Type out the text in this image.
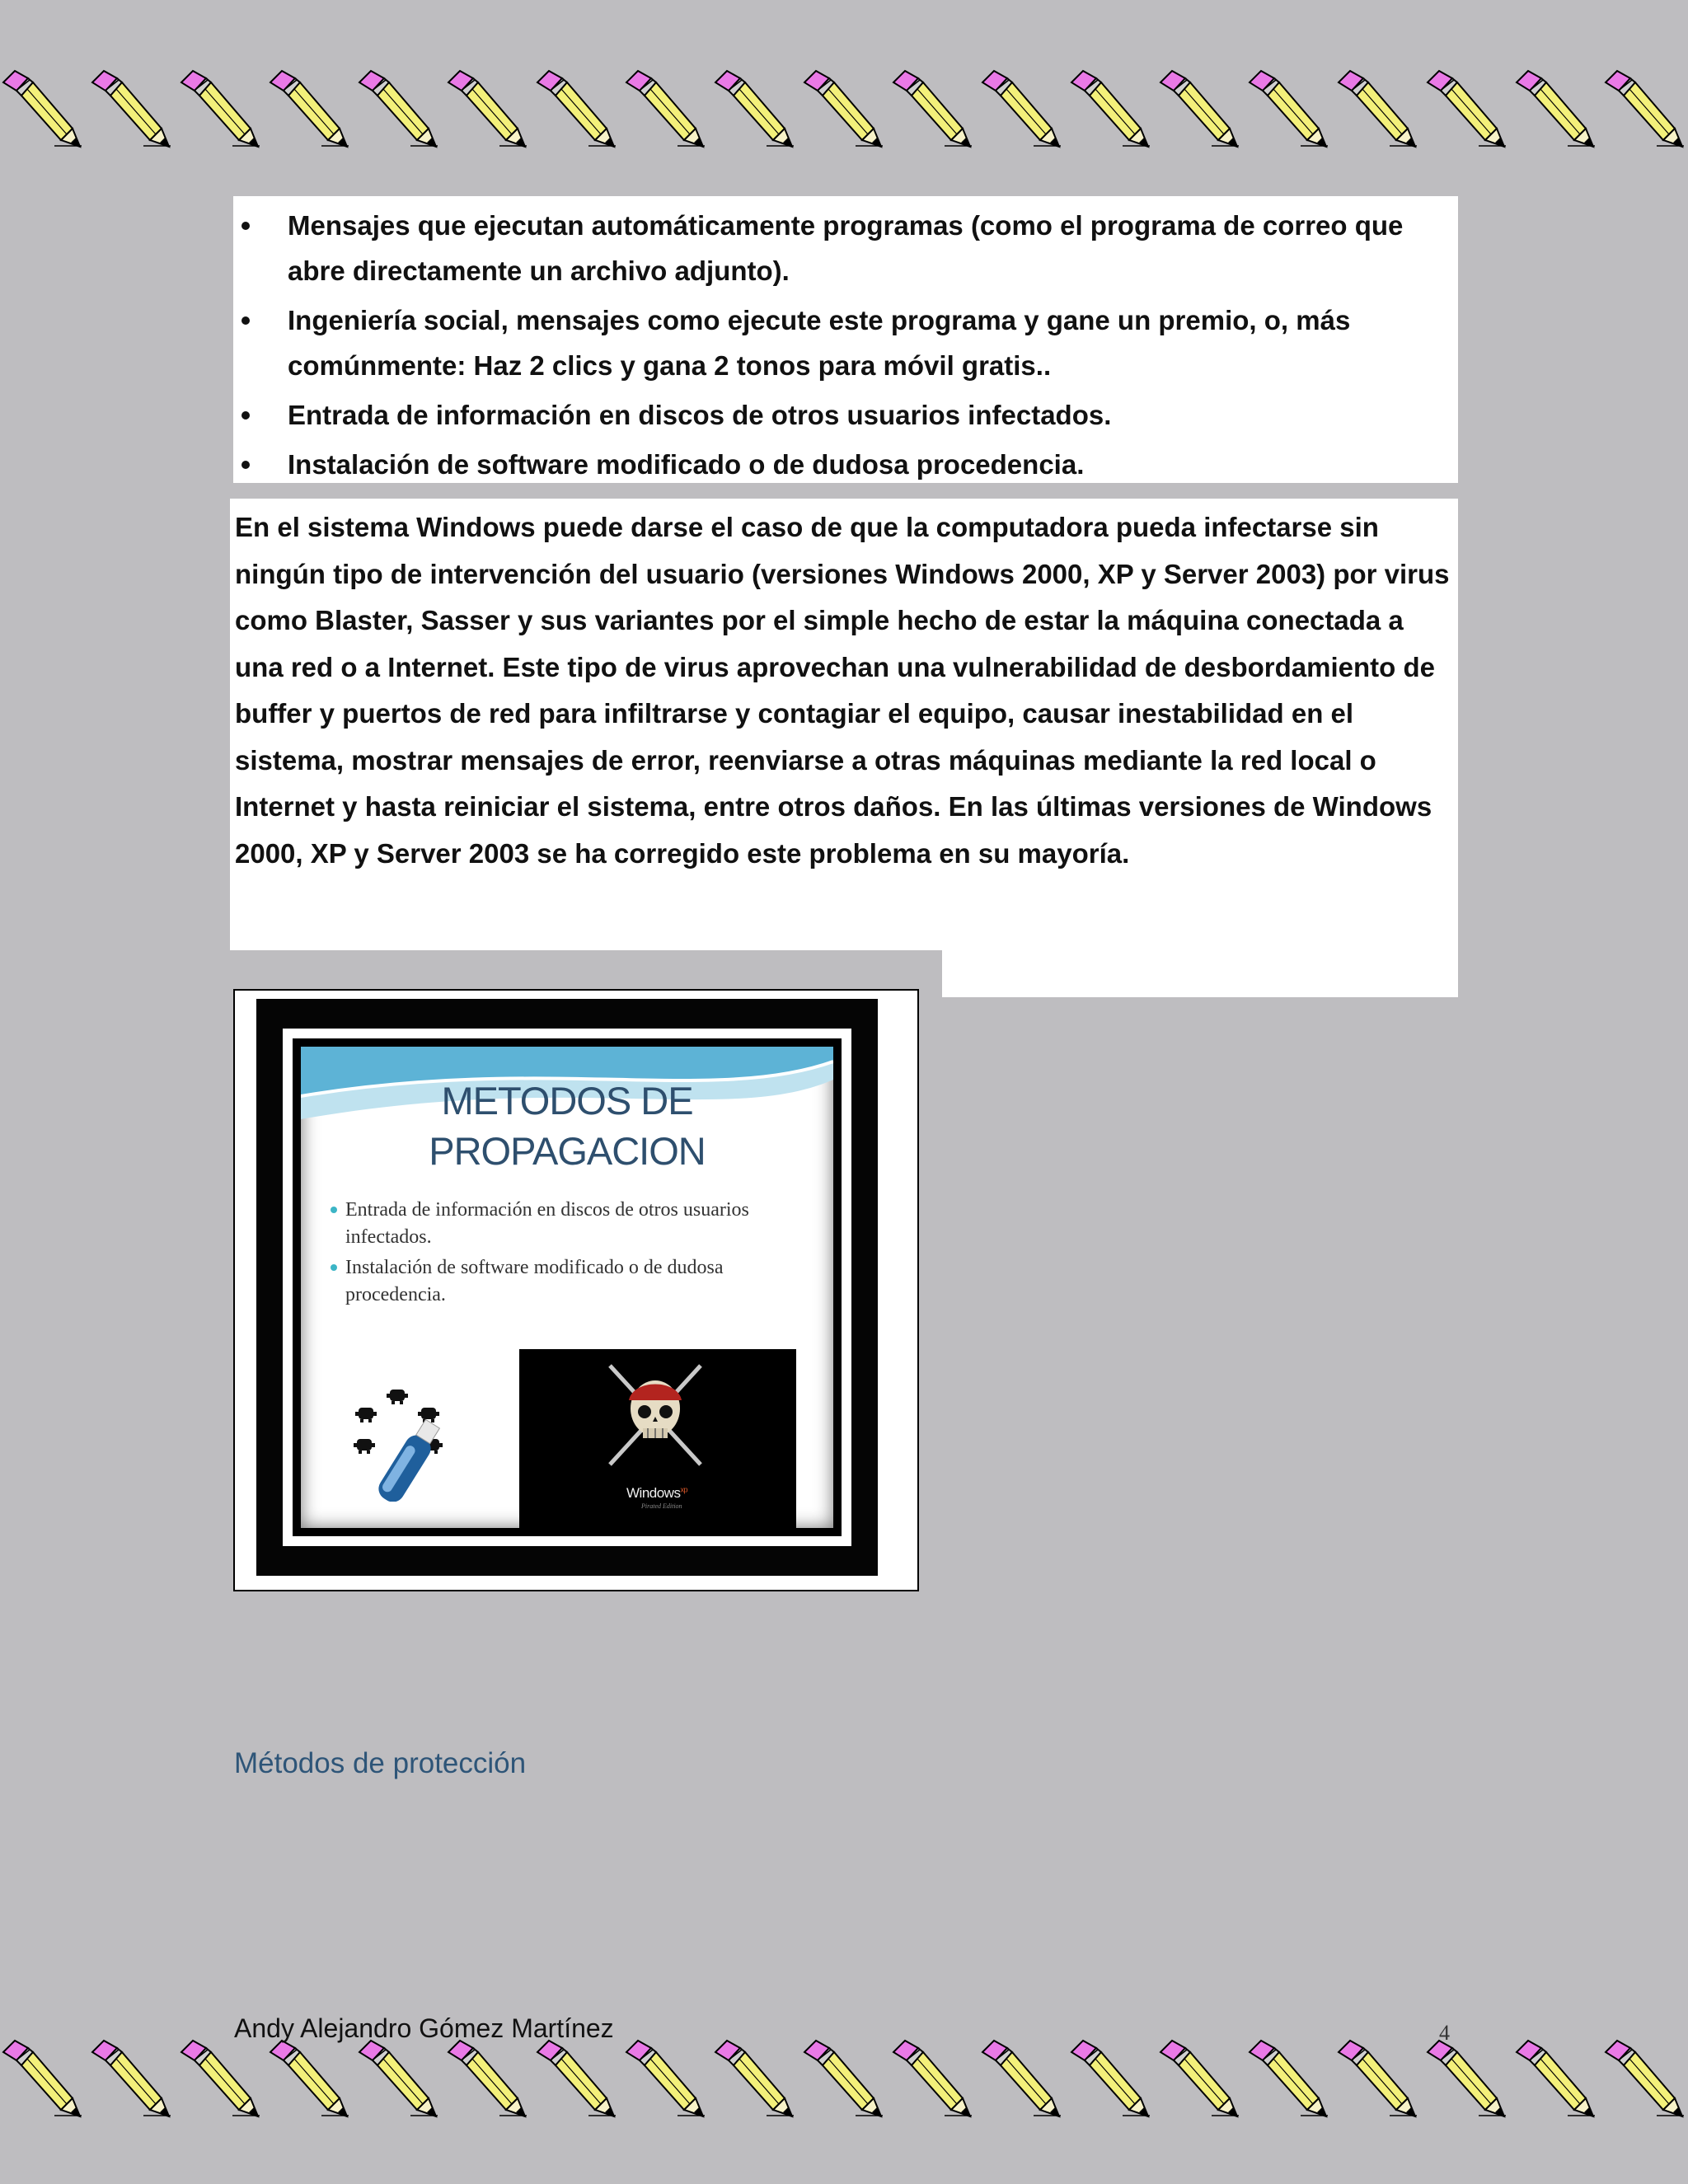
Mensajes que ejecutan automáticamente programas (como el programa de correo que abre directamente un archivo adjunto).
Ingeniería social, mensajes como ejecute este programa y gane un premio, o, más comúnmente: Haz 2 clics y gana 2 tonos para móvil gratis..
Entrada de información en discos de otros usuarios infectados.
Instalación de software modificado o de dudosa procedencia.
En el sistema Windows puede darse el caso de que la computadora pueda infectarse sin ningún tipo de intervención del usuario (versiones Windows 2000, XP y Server 2003) por virus como Blaster, Sasser y sus variantes por el simple hecho de estar la máquina conectada a una red o a Internet. Este tipo de virus aprovechan una vulnerabilidad de desbordamiento de buffer y puertos de red para infiltrarse y contagiar el equipo, causar inestabilidad en el sistema, mostrar mensajes de error, reenviarse a otras máquinas mediante la red local o Internet y hasta reiniciar el sistema, entre otros daños. En las últimas versiones de Windows 2000, XP y Server 2003 se ha corregido este problema en su mayoría.
METODOS DE
PROPAGACION
Entrada de información en discos de otros usuarios infectados.
Instalación de software modificado o de dudosa procedencia.
Windows$^{xp}$
Pirated Edition
Métodos de protección
Andy Alejandro Gómez Martínez	4
